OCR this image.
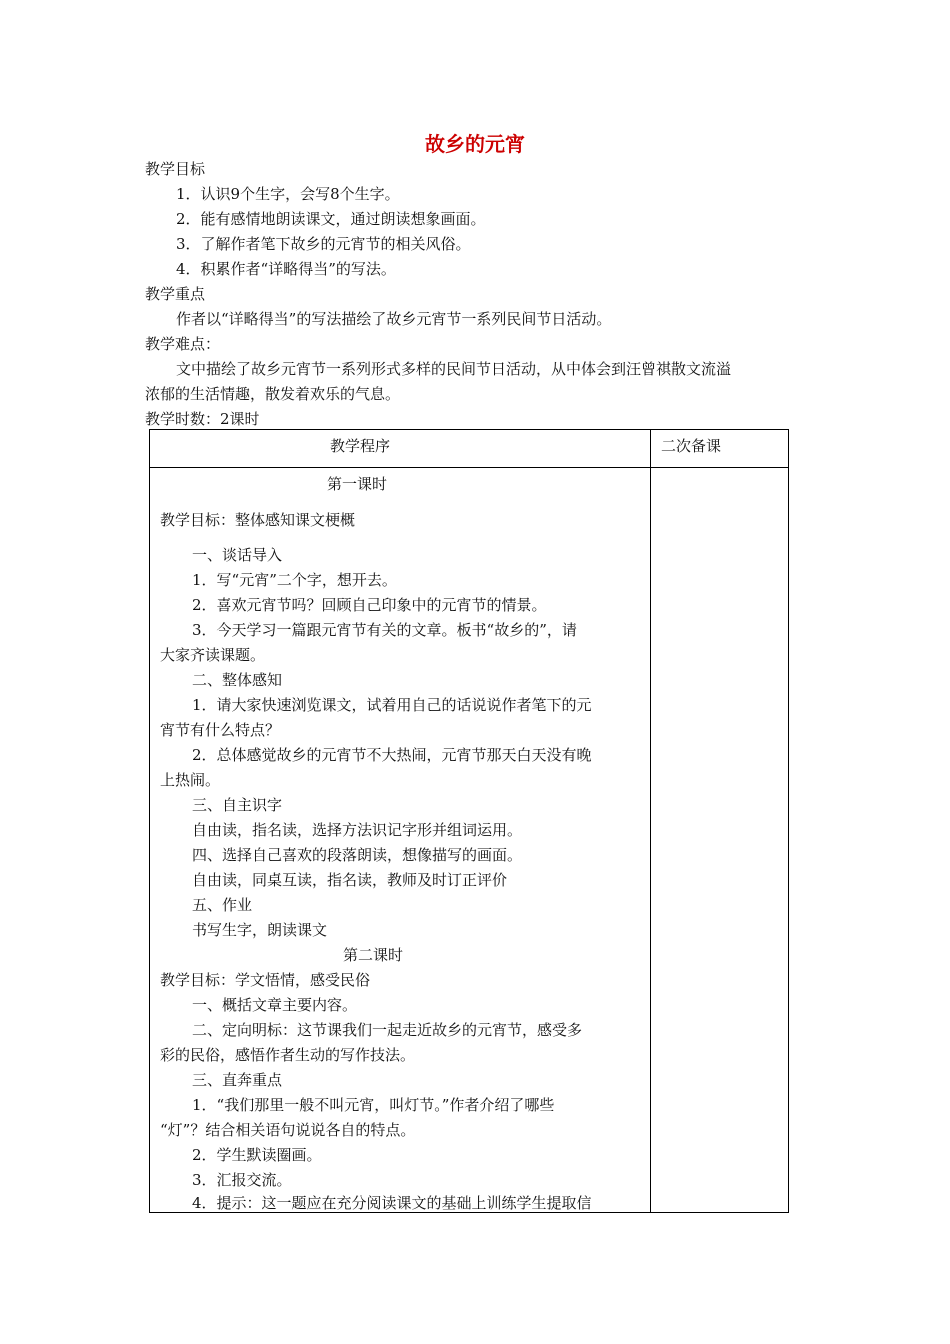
故乡的元宵
教学目标
1．认识9个生字，会写8个生字。
2．能有感情地朗读课文，通过朗读想象画面。
3．了解作者笔下故乡的元宵节的相关风俗。
4．积累作者“详略得当”的写法。
教学重点
作者以“详略得当”的写法描绘了故乡元宵节一系列民间节日活动。
教学难点：
文中描绘了故乡元宵节一系列形式多样的民间节日活动，从中体会到汪曾祺散文流溢
浓郁的生活情趣，散发着欢乐的气息。
教学时数：2课时
教学程序	二次备课
第一课时
教学目标：整体感知课文梗概
一、谈话导入
1．写“元宵”二个字，想开去。
2．喜欢元宵节吗？回顾自己印象中的元宵节的情景。
3．今天学习一篇跟元宵节有关的文章。板书“故乡的”，请
大家齐读课题。
二、整体感知
1．请大家快速浏览课文，试着用自己的话说说作者笔下的元
宵节有什么特点？
2．总体感觉故乡的元宵节不大热闹，元宵节那天白天没有晚
上热闹。
三、自主识字
自由读，指名读，选择方法识记字形并组词运用。
四、选择自己喜欢的段落朗读，想像描写的画面。
自由读，同桌互读，指名读，教师及时订正评价
五、作业
书写生字，朗读课文
第二课时
教学目标：学文悟情，感受民俗
一、概括文章主要内容。
二、定向明标：这节课我们一起走近故乡的元宵节，感受多
彩的民俗，感悟作者生动的写作技法。
三、直奔重点
1．“我们那里一般不叫元宵，叫灯节。”作者介绍了哪些
“灯”？结合相关语句说说各自的特点。
2．学生默读圈画。
3．汇报交流。
4．提示：这一题应在充分阅读课文的基础上训练学生提取信
